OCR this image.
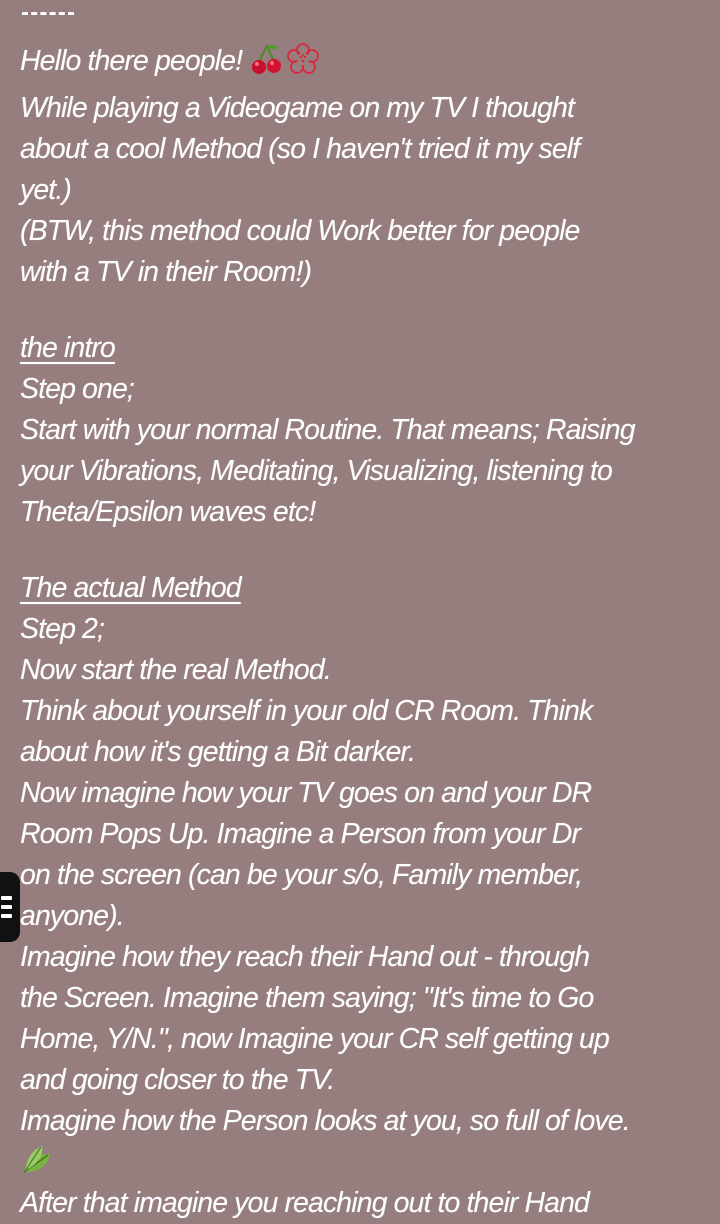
Hello there people!
While playing a Videogame on my TV I thought
about a cool Method (so I haven't tried it my self
yet.)
(BTW, this method could Work better for people
with a TV in their Room!)
the intro
Step one;
Start with your normal Routine. That means; Raising
your Vibrations, Meditating, Visualizing, listening to
Theta/Epsilon waves etc!
The actual Method
Step 2;
Now start the real Method.
Think about yourself in your old CR Room. Think
about how it's getting a Bit darker.
Now imagine how your TV goes on and your DR
Room Pops Up. Imagine a Person from your Dr
on the screen (can be your s/o, Family member,
anyone).
Imagine how they reach their Hand out - through
the Screen. Imagine them saying; "It's time to Go
Home, Y/N.", now Imagine your CR self getting up
and going closer to the TV.
Imagine how the Person looks at you, so full of love.
After that imagine you reaching out to their Hand
